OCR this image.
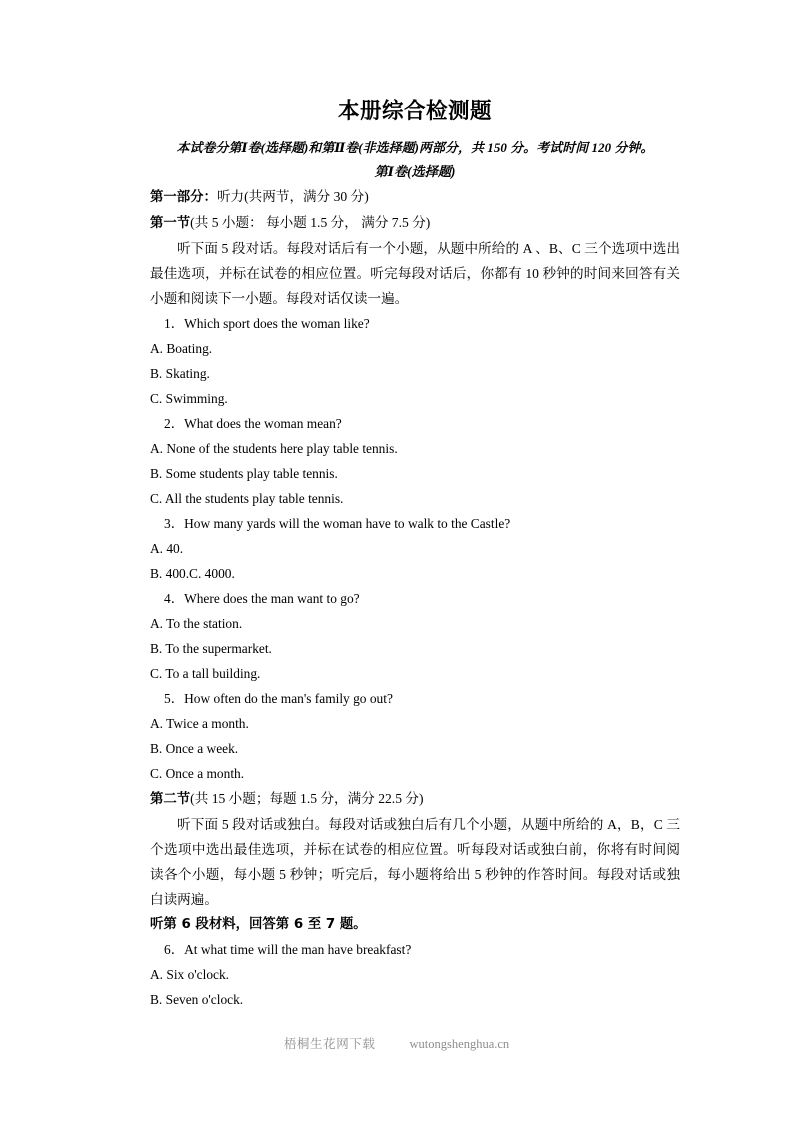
本册综合检测题

本试卷分第Ⅰ卷(选择题)和第Ⅱ卷(非选择题)两部分，共 150 分。考试时间 120 分钟。

第Ⅰ卷(选择题)

第一部分：听力(共两节，满分 30 分)

第一节(共 5 小题： 每小题 1.5 分， 满分 7.5 分)

听下面 5 段对话。每段对话后有一个小题，从题中所给的 A 、B、C 三个选项中选出最佳选项，并标在试卷的相应位置。听完每段对话后，你都有 10 秒钟的时间来回答有关小题和阅读下一小题。每段对话仅读一遍。

1．Which sport does the woman like?

A. Boating.

B. Skating.

C. Swimming.

2．What does the woman mean?

A. None of the students here play table tennis.

B. Some students play table tennis.

C. All the students play table tennis.

3．How many yards will the woman have to walk to the Castle?

A. 40.

B. 400.C. 4000.

4．Where does the man want to go?

A. To the station.

B. To the supermarket.

C. To a tall building.

5．How often do the man's family go out?

A. Twice a month.

B. Once a week.

C. Once a month.

第二节(共 15 小题；每题 1.5 分，满分 22.5 分)

听下面 5 段对话或独白。每段对话或独白后有几个小题，从题中所给的 A，B，C 三个选项中选出最佳选项，并标在试卷的相应位置。听每段对话或独白前，你将有时间阅读各个小题，每小题 5 秒钟；听完后，每小题将给出 5 秒钟的作答时间。每段对话或独白读两遍。

听第 6 段材料，回答第 6 至 7 题。

6．At what time will the man have breakfast?

A. Six o'clock.

B. Seven o'clock.

梧桐生花网下载	wutongshenghua.cn
